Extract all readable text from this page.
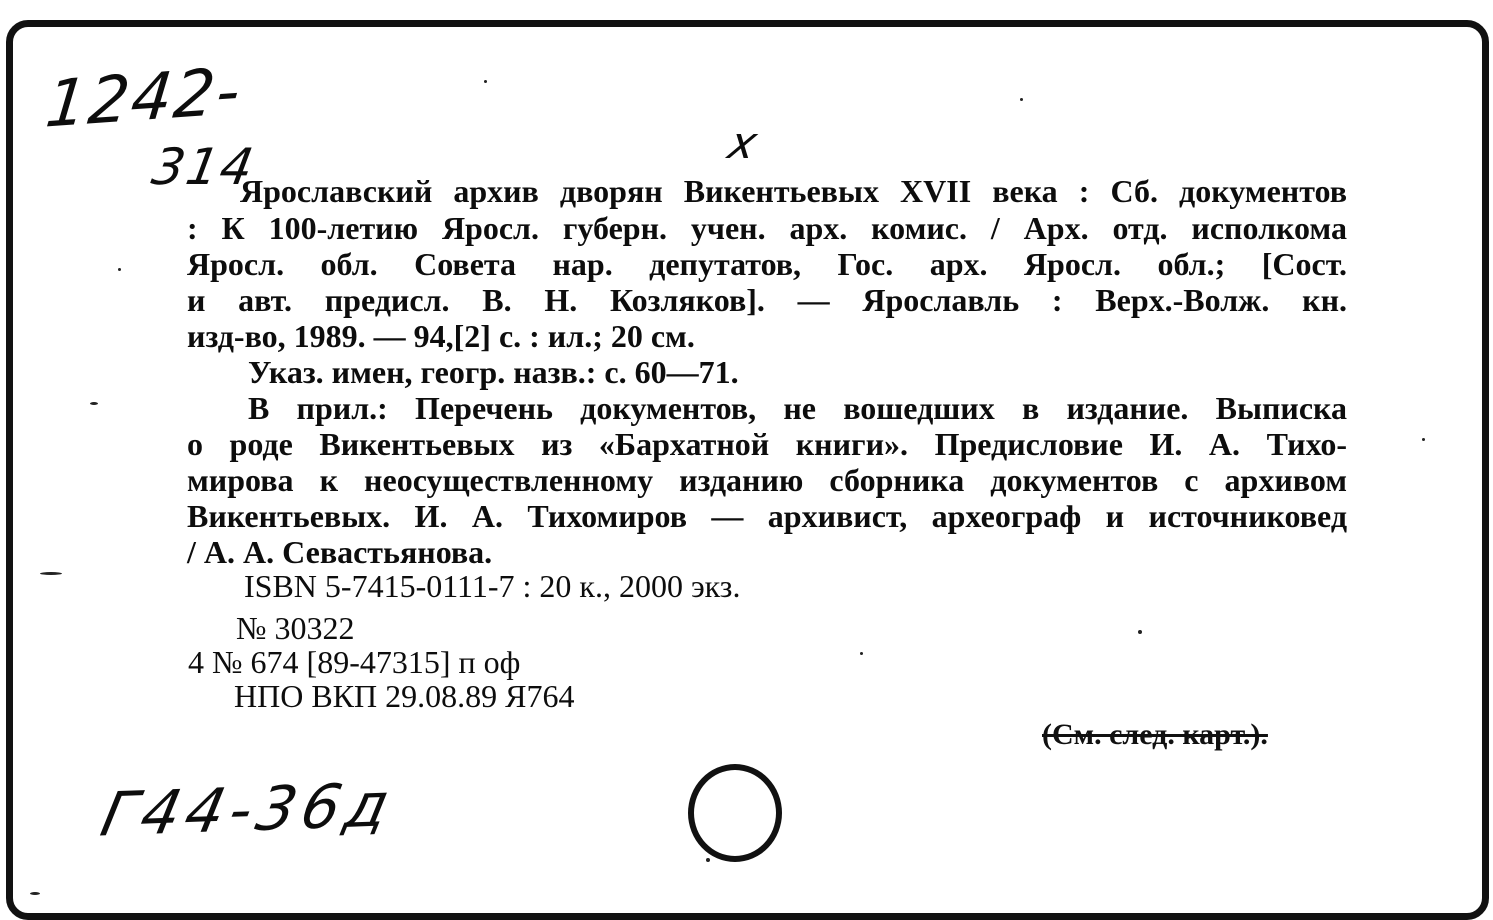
1242-
314	x
Г44-36д
Ярославский архив дворян Викентьевых XVII века : Сб. документов
: К 100-летию Яросл. губерн. учен. арх. комис. / Арх. отд. исполкома
Яросл. обл. Совета нар. депутатов, Гос. арх. Яросл. обл.; [Сост.
и авт. предисл. В. Н. Козляков]. — Ярославль : Верх.-Волж. кн.
изд-во, 1989. — 94,[2] с. : ил.; 20 см.
Указ. имен, геогр. назв.: с. 60—71.
В прил.: Перечень документов, не вошедших в издание. Выписка
о роде Викентьевых из «Бархатной книги». Предисловие И. А. Тихо-
мирова к неосуществленному изданию сборника документов с архивом
Викентьевых. И. А. Тихомиров — архивист, археограф и источниковед
/ А. А. Севастьянова.
ISBN 5-7415-0111-7 : 20 к., 2000 экз.
№ 30322
4 № 674 [89-47315] п оф
НПО ВКП 29.08.89 Я764
(См. след. карт.).
